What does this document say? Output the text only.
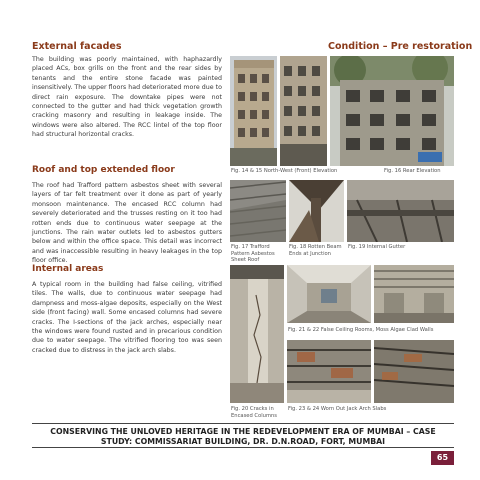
External facades	Condition – Pre restoration
The building was poorly maintained, with haphazardly placed ACs, box grills on the front and the rear sides by tenants and the entire stone facade was painted insensitively. The upper floors had deteriorated more due to direct rain exposure. The downtake pipes were not connected to the gutter and had thick vegetation growth cracking masonry and resulting in leakage inside. The windows were also altered. The RCC lintel of the top floor had structural horizontal cracks.
Roof and top extended floor
The roof had Trafford pattern asbestos sheet with several layers of tar felt treatment over it done as part of yearly monsoon maintenance. The encased RCC column had severely deteriorated and the trusses resting on it too had rotten ends due to continuous water seepage at the junctions. The rain water outlets led to asbestos gutters below and within the office space. This detail was incorrect and was inaccessible resulting in heavy leakages in the top floor office.
Internal areas
A typical room in the building had false ceiling, vitrified tiles. The walls, due to continuous water seepage had dampness and moss-algae deposits, especially on the West side (front facing) wall. Some encased columns had severe cracks. The I-sections of the jack arches, especially near the windows were found rusted and in precarious condition due to water seepage. The vitrified flooring too was seen cracked due to distress in the jack arch slabs.
Fig. 14 & 15 North-West (Front) Elevation	Fig. 16 Rear Elevation
Fig. 17 Trafford Pattern Asbestos Sheet Roof
Fig. 18 Rotten Beam Ends at Junction
Fig. 19 Internal Gutter
Fig. 21 & 22 False Ceiling Rooms, Moss Algae Clad Walls
Fig. 20 Cracks in Encased Columns
Fig. 23 & 24 Worn Out Jack Arch Slabs
CONSERVING THE UNLOVED HERITAGE IN THE REDEVELOPMENT ERA OF MUMBAI – CASE
STUDY: COMMISSARIAT BUILDING, DR. D.N.ROAD, FORT, MUMBAI
65
